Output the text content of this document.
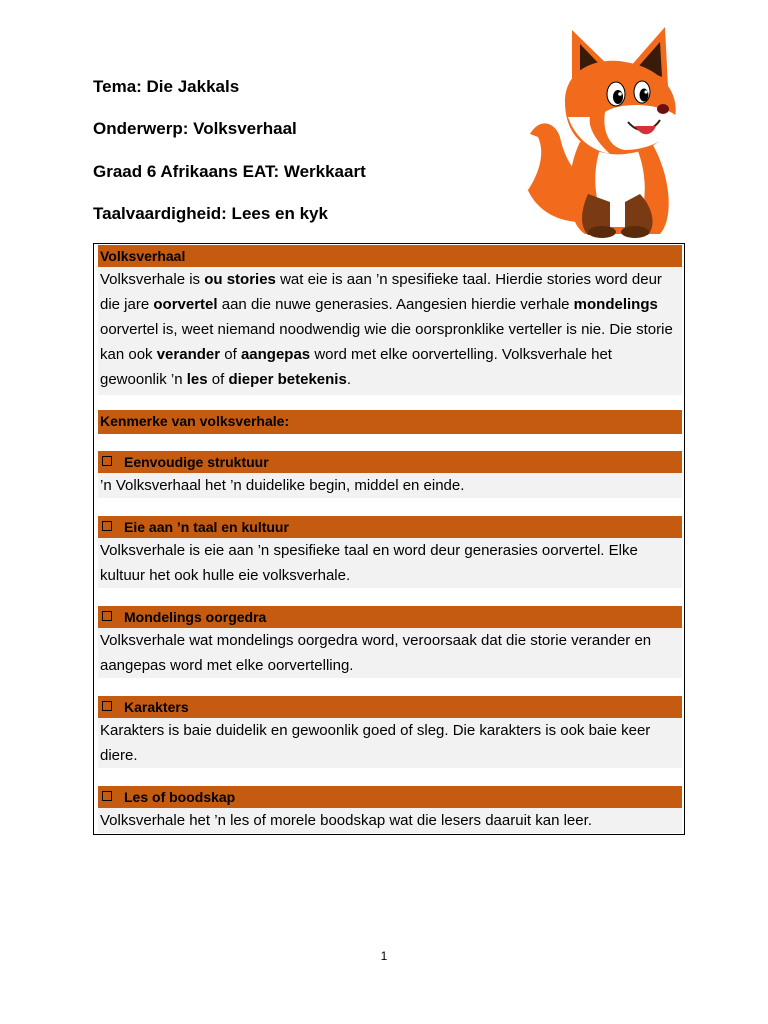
Tema: Die Jakkals
Onderwerp: Volksverhaal
Graad 6 Afrikaans EAT: Werkkaart
Taalvaardigheid: Lees en kyk
Volksverhaal
Volksverhale is ou stories wat eie is aan ’n spesifieke taal. Hierdie stories word deur die jare oorvertel aan die nuwe generasies. Aangesien hierdie verhale mondelings oorvertel is, weet niemand noodwendig wie die oorspronklike verteller is nie. Die storie kan ook verander of aangepas word met elke oorvertelling. Volksverhale het gewoonlik ’n les of dieper betekenis.
Kenmerke van volksverhale:
Eenvoudige struktuur
’n Volksverhaal het ’n duidelike begin, middel en einde.
Eie aan ’n taal en kultuur
Volksverhale is eie aan ’n spesifieke taal en word deur generasies oorvertel. Elke kultuur het ook hulle eie volksverhale.
Mondelings oorgedra
Volksverhale wat mondelings oorgedra word, veroorsaak dat die storie verander en aangepas word met elke oorvertelling.
Karakters
Karakters is baie duidelik en gewoonlik goed of sleg. Die karakters is ook baie keer diere.
Les of boodskap
Volksverhale het ’n les of morele boodskap wat die lesers daaruit kan leer.
1
